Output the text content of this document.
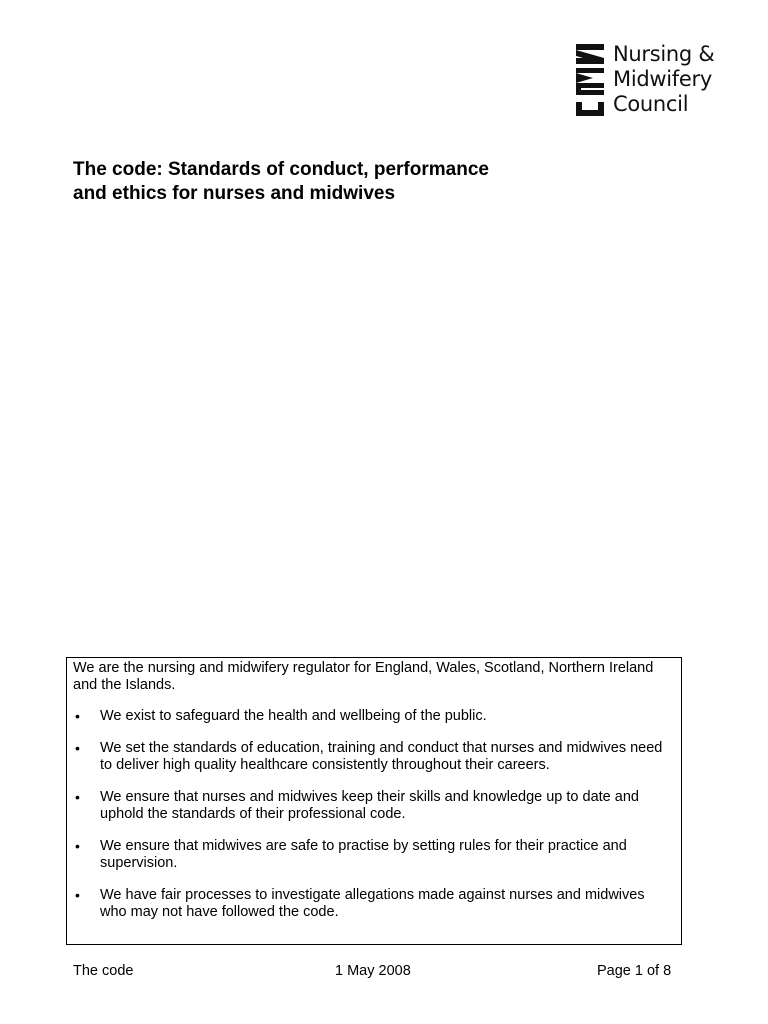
Nursing &
Midwifery
Council
The code: Standards of conduct, performance
and ethics for nurses and midwives

We are the nursing and midwifery regulator for England, Wales, Scotland, Northern Ireland and the Islands.

• We exist to safeguard the health and wellbeing of the public.
• We set the standards of education, training and conduct that nurses and midwives need to deliver high quality healthcare consistently throughout their careers.
• We ensure that nurses and midwives keep their skills and knowledge up to date and uphold the standards of their professional code.
• We ensure that midwives are safe to practise by setting rules for their practice and supervision.
• We have fair processes to investigate allegations made against nurses and midwives who may not have followed the code.
The code	1 May 2008	Page 1 of 8
